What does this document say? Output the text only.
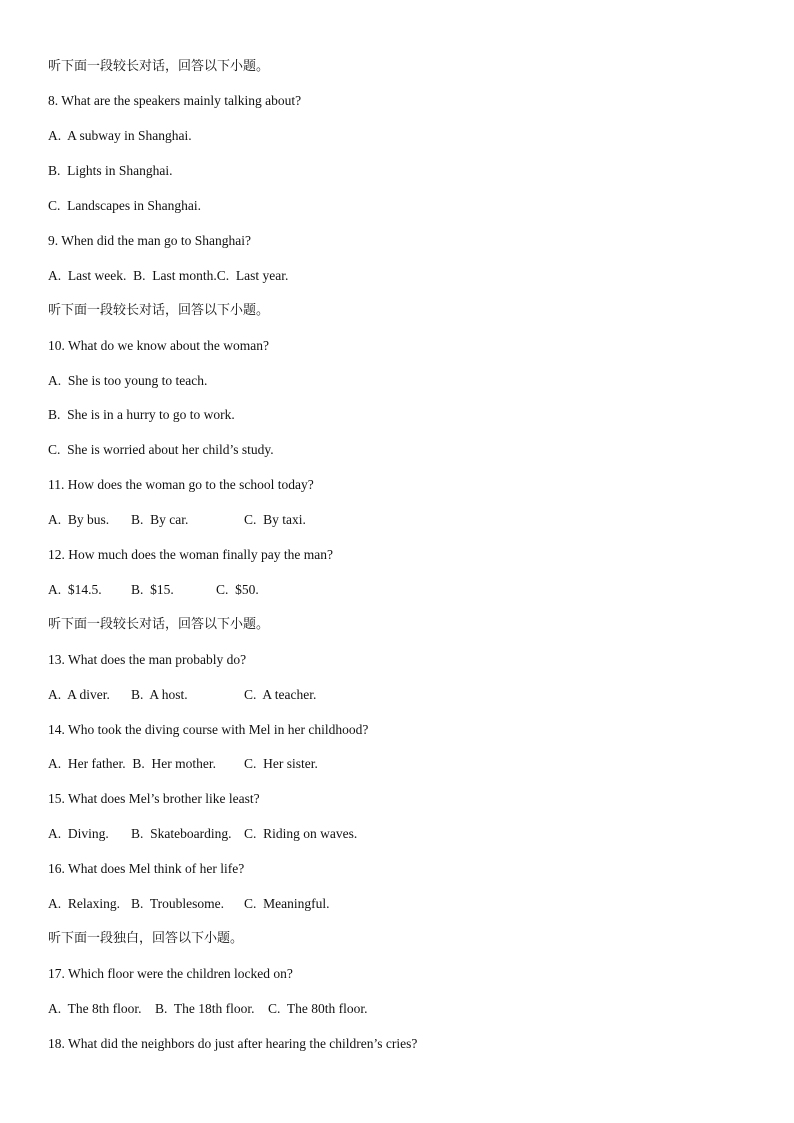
听下面一段较长对话，回答以下小题。
8. What are the speakers mainly talking about?
A.  A subway in Shanghai.
B.  Lights in Shanghai.
C.  Landscapes in Shanghai.
9. When did the man go to Shanghai?
A.  Last week.  B.  Last month.C.  Last year.
听下面一段较长对话，回答以下小题。
10. What do we know about the woman?
A.  She is too young to teach.
B.  She is in a hurry to go to work.
C.  She is worried about her child’s study.
11. How does the woman go to the school today?
A.  By bus. B.  By car.	C.  By taxi.
12. How much does the woman finally pay the man?
A.  $14.5. B.  $15.	C.  $50.
听下面一段较长对话，回答以下小题。
13. What does the man probably do?
A.  A diver. B.  A host.	C.  A teacher.
14. Who took the diving course with Mel in her childhood?
A.  Her father.  B.  Her mother. C.  Her sister.
15. What does Mel’s brother like least?
A.  Diving. B.  Skateboarding. C.  Riding on waves.
16. What does Mel think of her life?
A.  Relaxing. B.  Troublesome. C.  Meaningful.
听下面一段独白，回答以下小题。
17. Which floor were the children locked on?
A.  The 8th floor.    B.  The 18th floor.    C.  The 80th floor.
18. What did the neighbors do just after hearing the children’s cries?
